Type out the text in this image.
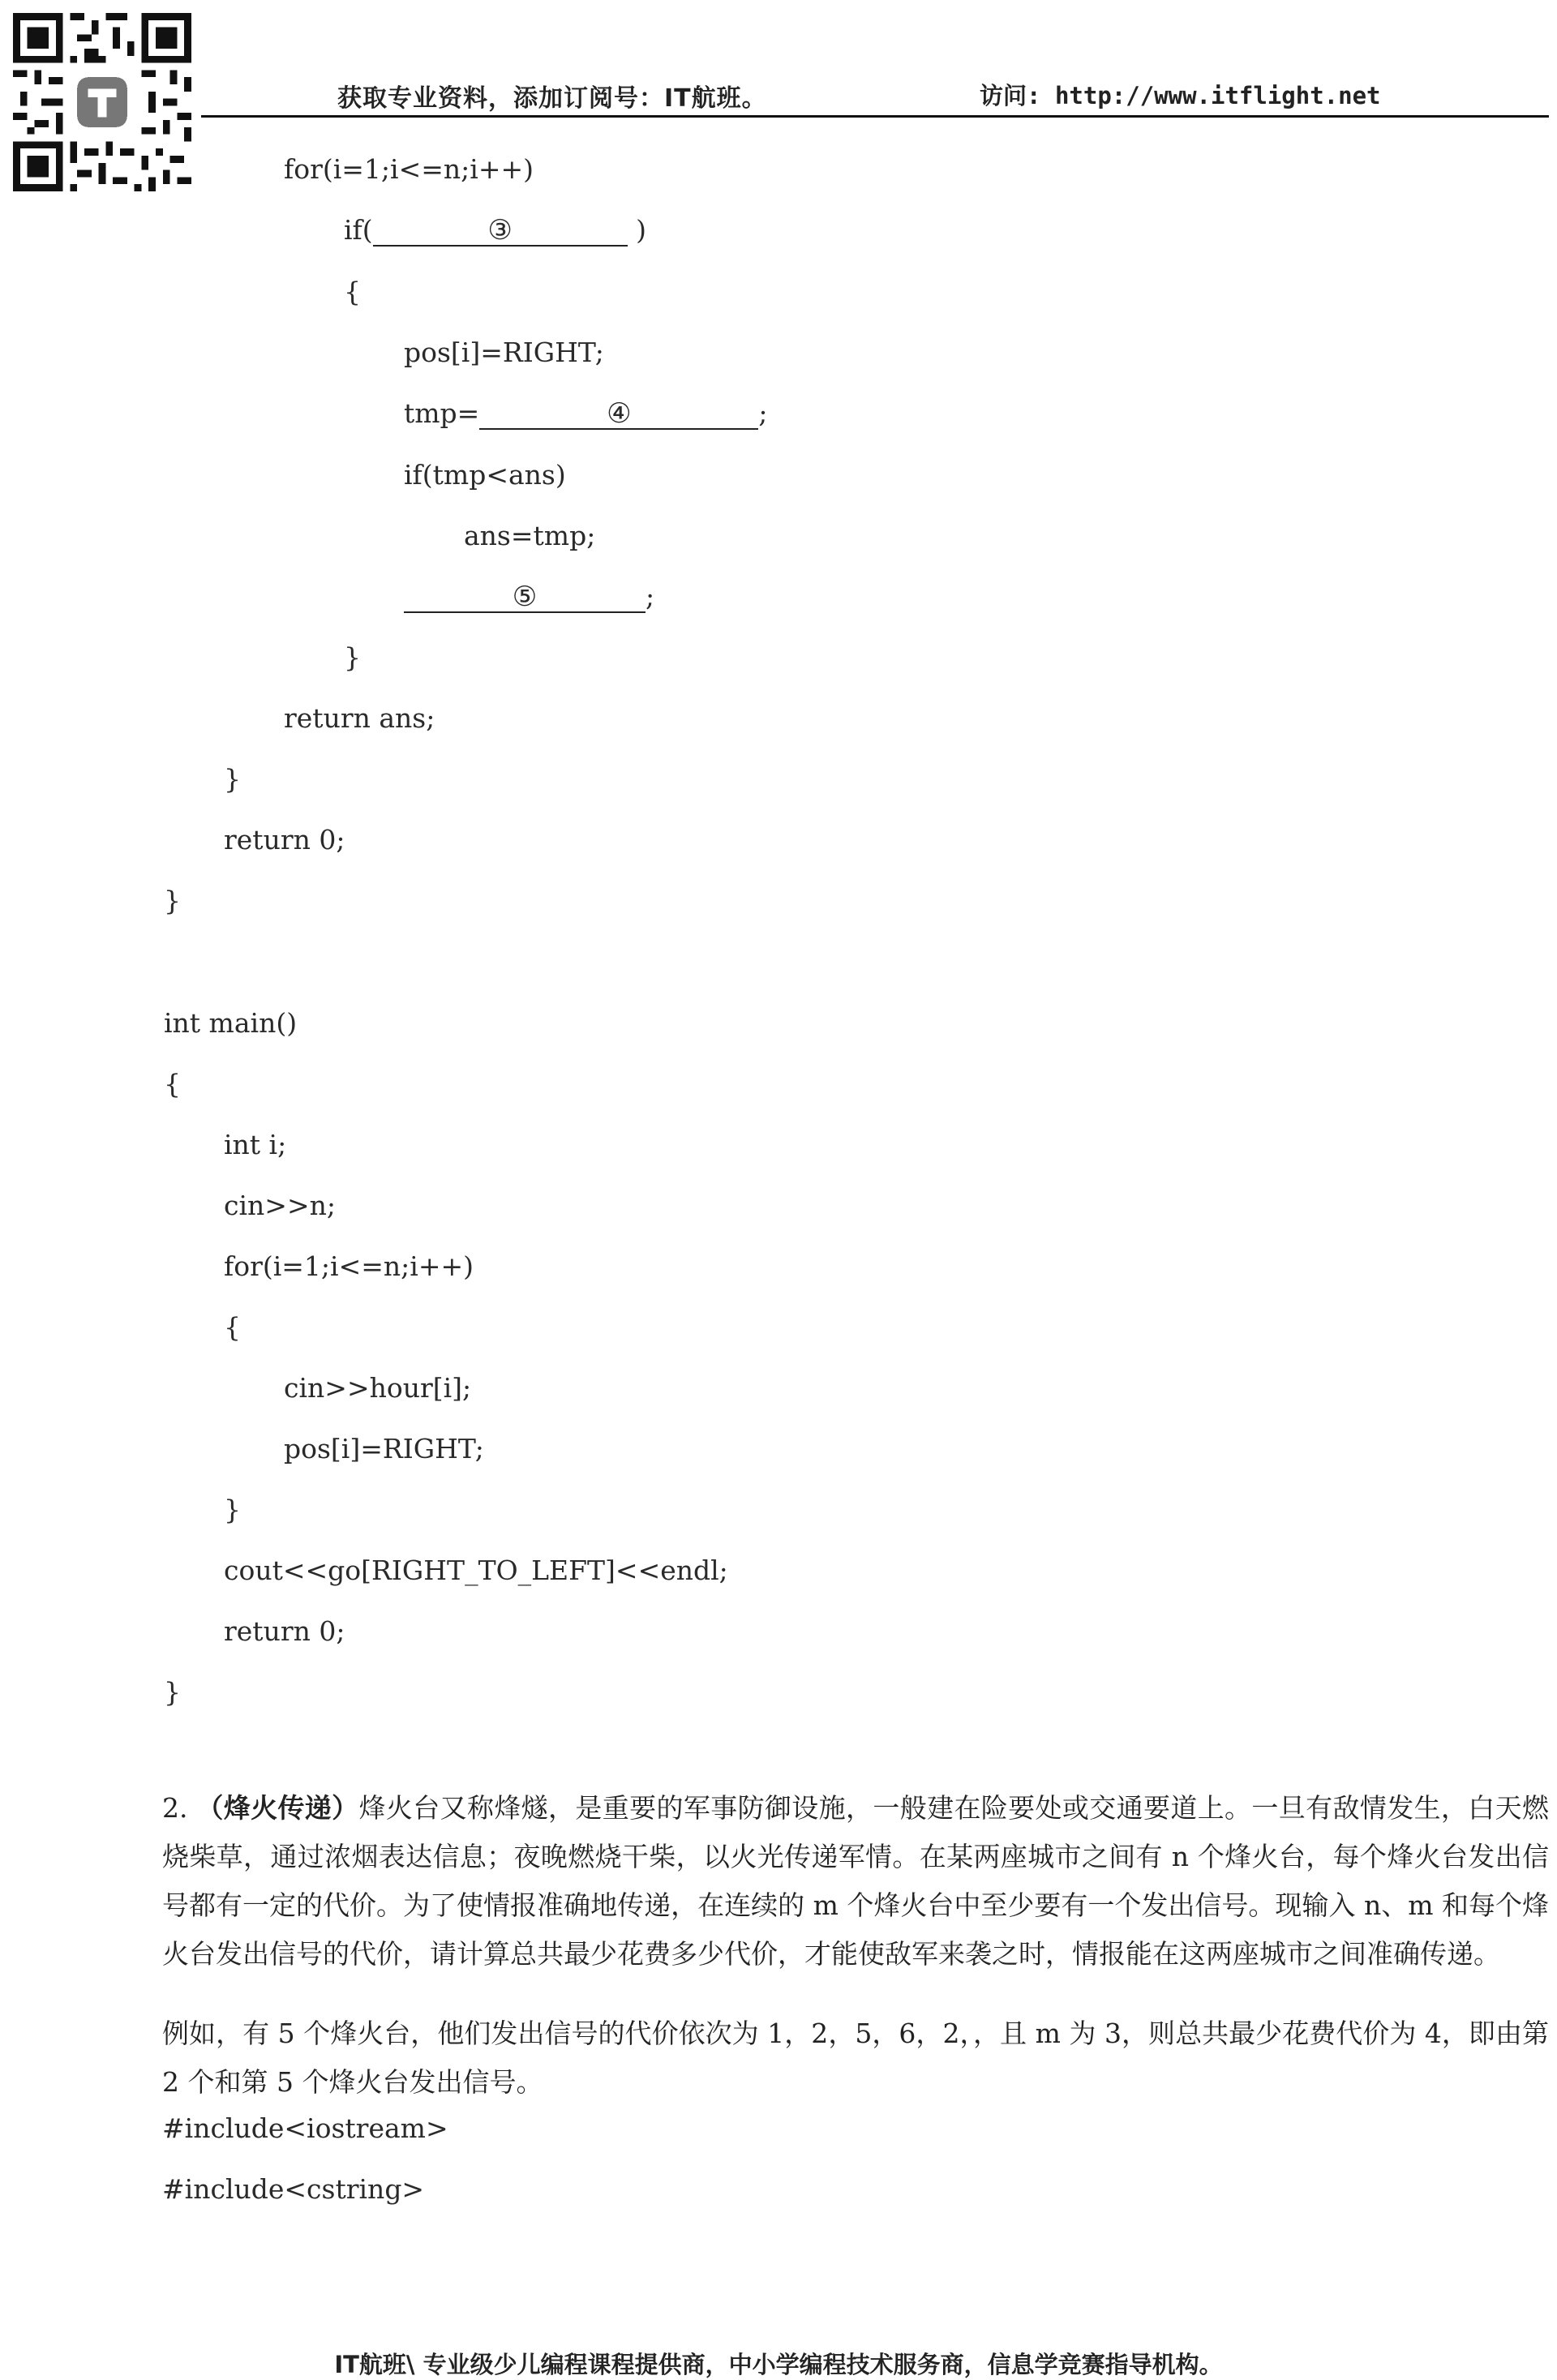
获取专业资料，添加订阅号：IT航班。	访问: http://www.itflight.net
for(i=1;i<=n;i++)
if(	③	)
{
pos[i]=RIGHT;
tmp=	④	;
if(tmp<ans)
ans=tmp;
⑤	;
}
return ans;
}
return 0;
}
int main()
{
int i;
cin>>n;
for(i=1;i<=n;i++)
{
cin>>hour[i];
pos[i]=RIGHT;
}
cout<<go[RIGHT_TO_LEFT]<<endl;
return 0;
}
2. （烽火传递）烽火台又称烽燧，是重要的军事防御设施，一般建在险要处或交通要道上。一旦有敌情发生，白天燃烧柴草，通过浓烟表达信息；夜晚燃烧干柴，以火光传递军情。在某两座城市之间有 n 个烽火台，每个烽火台发出信号都有一定的代价。为了使情报准确地传递，在连续的 m 个烽火台中至少要有一个发出信号。现输入 n、m 和每个烽火台发出信号的代价，请计算总共最少花费多少代价，才能使敌军来袭之时，情报能在这两座城市之间准确传递。
例如，有 5 个烽火台，他们发出信号的代价依次为 1，2，5，6，2，，且 m 为 3，则总共最少花费代价为 4，即由第 2 个和第 5 个烽火台发出信号。
#include<iostream>
#include<cstring>
IT航班\ 专业级少儿编程课程提供商，中小学编程技术服务商，信息学竞赛指导机构。
